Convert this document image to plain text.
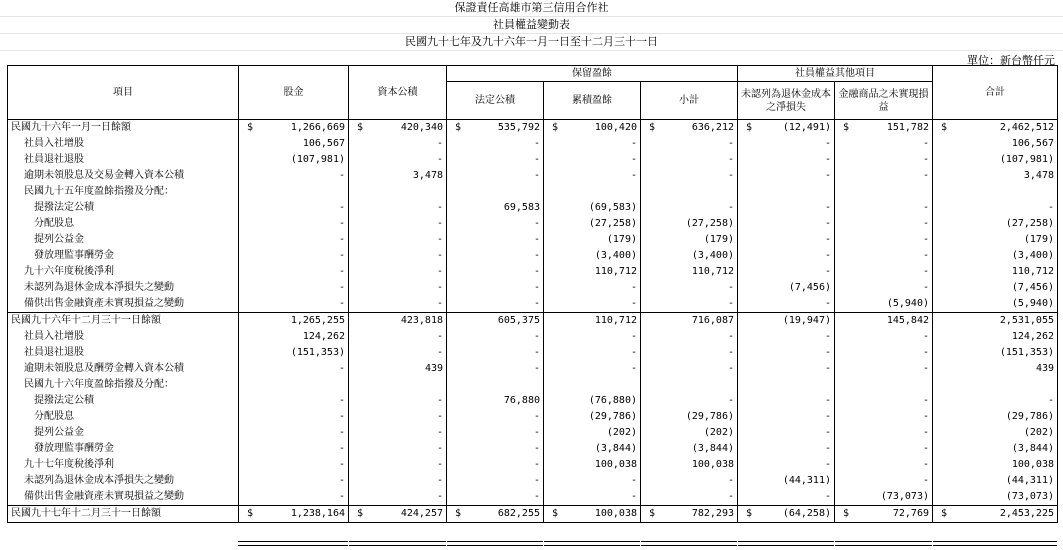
保證責任高雄市第三信用合作社
社員權益變動表
民國九十七年及九十六年一月一日至十二月三十一日
單位：新台幣仟元
項目	股金	資本公積	保留盈餘			社員權益其他項目		合計
			法定公積	累積盈餘	小計	未認列為退休金成本之淨損失	金融商品之未實現損益	
民國九十六年一月一日餘額	$ 1,266,669	$ 420,340	$ 535,792	$ 100,420	$ 636,212	$ (12,491)	$ 151,782	$ 2,462,512
社員入社增股	106,567	-	-	-	-	-	-	106,567
社員退社退股	(107,981)	-	-	-	-	-	-	(107,981)
逾期未領股息及交易金轉入資本公積	-	3,478	-	-	-	-	-	3,478
民國九十五年度盈餘指撥及分配：								
提撥法定公積	-	-	69,583	(69,583)	-	-	-	-
分配股息	-	-	-	(27,258)	(27,258)	-	-	(27,258)
提列公益金	-	-	-	(179)	(179)	-	-	(179)
發放理監事酬勞金	-	-	-	(3,400)	(3,400)	-	-	(3,400)
九十六年度稅後淨利	-	-	-	110,712	110,712	-	-	110,712
未認列為退休金成本淨損失之變動	-	-	-	-	-	(7,456)	-	(7,456)
備供出售金融資產未實現損益之變動	-	-	-	-	-	-	(5,940)	(5,940)
民國九十六年十二月三十一日餘額	1,265,255	423,818	605,375	110,712	716,087	(19,947)	145,842	2,531,055
社員入社增股	124,262	-	-	-	-	-	-	124,262
社員退社退股	(151,353)	-	-	-	-	-	-	(151,353)
逾期未領股息及酬勞金轉入資本公積	-	439	-	-	-	-	-	439
民國九十六年度盈餘指撥及分配：								
提撥法定公積	-	-	76,880	(76,880)	-	-	-	-
分配股息	-	-	-	(29,786)	(29,786)	-	-	(29,786)
提列公益金	-	-	-	(202)	(202)	-	-	(202)
發放理監事酬勞金	-	-	-	(3,844)	(3,844)	-	-	(3,844)
九十七年度稅後淨利	-	-	-	100,038	100,038	-	-	100,038
未認列為退休金成本淨損失之變動	-	-	-	-	-	(44,311)	-	(44,311)
備供出售金融資產未實現損益之變動	-	-	-	-	-	-	(73,073)	(73,073)
民國九十七年十二月三十一日餘額	$ 1,238,164	$ 424,257	$ 682,255	$ 100,038	$ 782,293	$ (64,258)	$ 72,769	$ 2,453,225
